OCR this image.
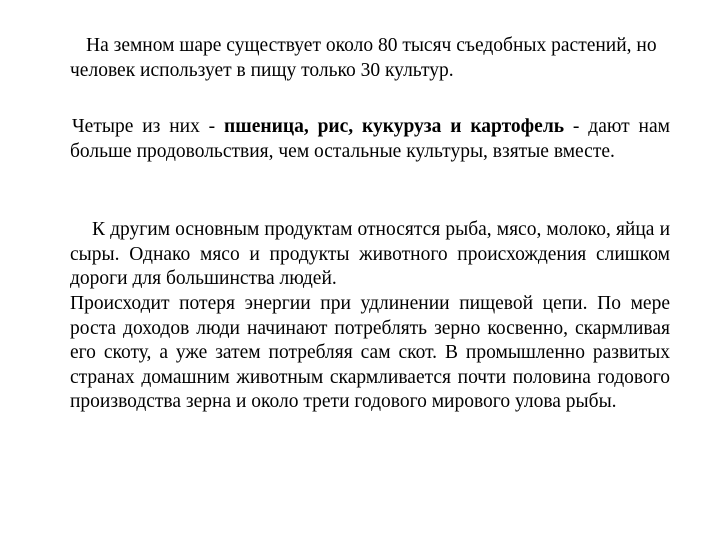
На земном шаре существует около 80 тысяч съедобных растений, но человек использует в пищу только 30 культур.

Четыре из них - пшеница, рис, кукуруза и картофель - дают нам больше продовольствия, чем остальные культуры, взятые вместе.

К другим основным продуктам относятся рыба, мясо, молоко, яйца и сыры. Однако мясо и продукты животного происхождения слишком дороги для большинства людей.

Происходит потеря энергии при удлинении пищевой цепи. По мере роста доходов люди начинают потреблять зерно косвенно, скармливая его скоту, а уже затем потребляя сам скот. В промышленно развитых странах домашним животным скармливается почти половина годового производства зерна и около трети годового мирового улова рыбы.
